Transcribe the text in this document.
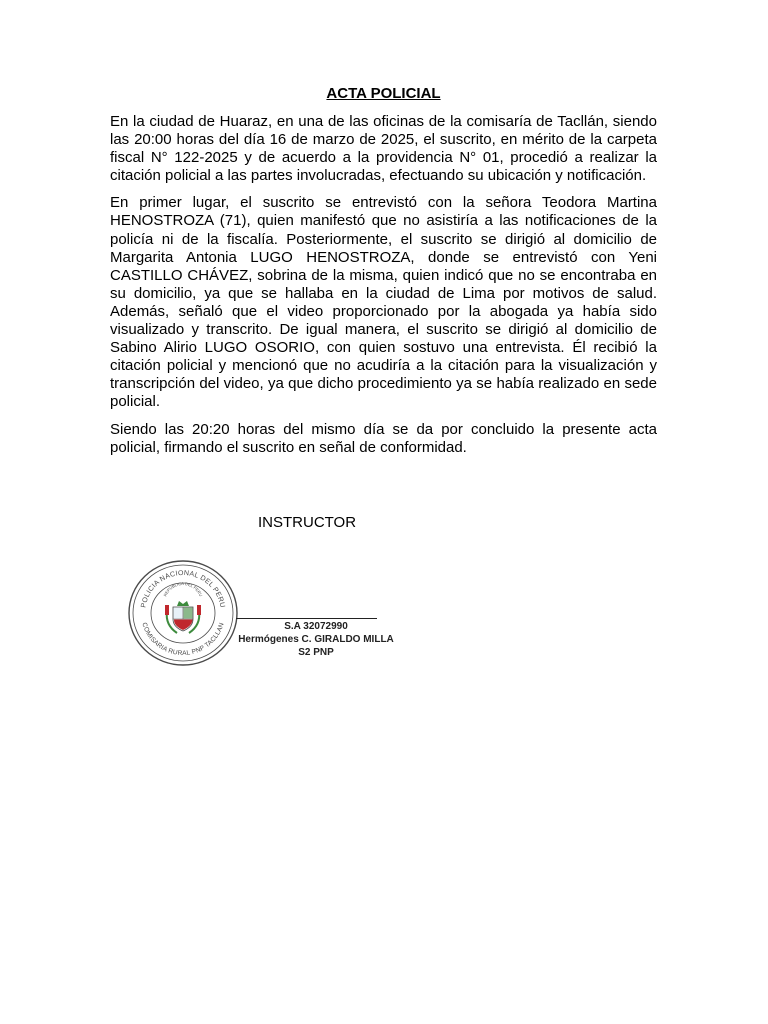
ACTA POLICIAL

En la ciudad de Huaraz, en una de las oficinas de la comisaría de Tacllán, siendo las 20:00 horas del día 16 de marzo de 2025, el suscrito, en mérito de la carpeta fiscal N° 122-2025 y de acuerdo a la providencia N° 01, procedió a realizar la citación policial a las partes involucradas, efectuando su ubicación y notificación.

En primer lugar, el suscrito se entrevistó con la señora Teodora Martina HENOSTROZA (71), quien manifestó que no asistiría a las notificaciones de la policía ni de la fiscalía. Posteriormente, el suscrito se dirigió al domicilio de Margarita Antonia LUGO HENOSTROZA, donde se entrevistó con Yeni CASTILLO CHÁVEZ, sobrina de la misma, quien indicó que no se encontraba en su domicilio, ya que se hallaba en la ciudad de Lima por motivos de salud. Además, señaló que el video proporcionado por la abogada ya había sido visualizado y transcrito. De igual manera, el suscrito se dirigió al domicilio de Sabino Alirio LUGO OSORIO, con quien sostuvo una entrevista. Él recibió la citación policial y mencionó que no acudiría a la citación para la visualización y transcripción del video, ya que dicho procedimiento ya se había realizado en sede policial.

Siendo las 20:20 horas del mismo día se da por concluido la presente acta policial, firmando el suscrito en señal de conformidad.

INSTRUCTOR
POLICIA NACIONAL DEL PERU
COMISARIA RURAL PNP TACLLAN
REPUBLICA DEL PERU
S.A 32072990
Hermógenes C. GIRALDO MILLA
S2 PNP
